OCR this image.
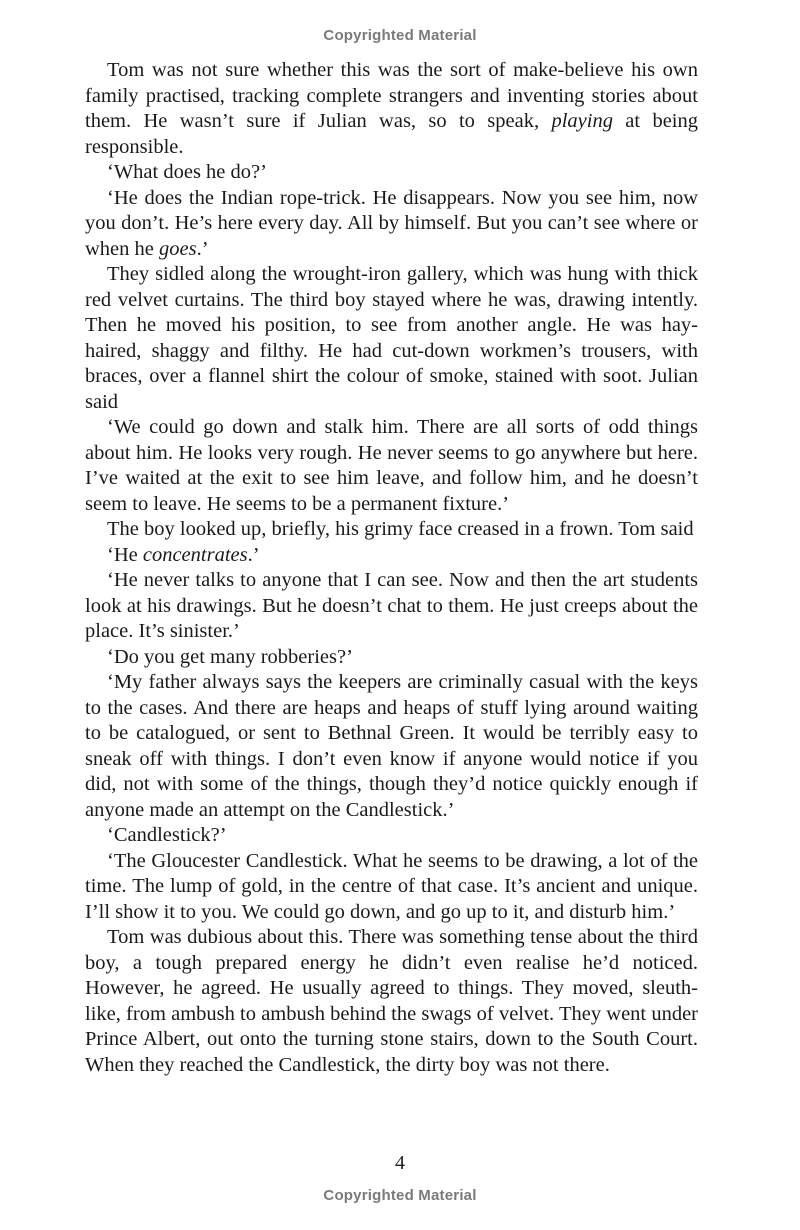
Copyrighted Material

Tom was not sure whether this was the sort of make-believe his own family practised, tracking complete strangers and inventing stories about them. He wasn’t sure if Julian was, so to speak, playing at being responsible.

‘What does he do?’

‘He does the Indian rope-trick. He disappears. Now you see him, now you don’t. He’s here every day. All by himself. But you can’t see where or when he goes.’

They sidled along the wrought-iron gallery, which was hung with thick red velvet curtains. The third boy stayed where he was, drawing intently. Then he moved his position, to see from another angle. He was hay-haired, shaggy and filthy. He had cut-down workmen’s trousers, with braces, over a flannel shirt the colour of smoke, stained with soot. Julian said

‘We could go down and stalk him. There are all sorts of odd things about him. He looks very rough. He never seems to go anywhere but here. I’ve waited at the exit to see him leave, and follow him, and he doesn’t seem to leave. He seems to be a permanent fixture.’

The boy looked up, briefly, his grimy face creased in a frown. Tom said

‘He concentrates.’

‘He never talks to anyone that I can see. Now and then the art students look at his drawings. But he doesn’t chat to them. He just creeps about the place. It’s sinister.’

‘Do you get many robberies?’

‘My father always says the keepers are criminally casual with the keys to the cases. And there are heaps and heaps of stuff lying around waiting to be catalogued, or sent to Bethnal Green. It would be terribly easy to sneak off with things. I don’t even know if anyone would notice if you did, not with some of the things, though they’d notice quickly enough if anyone made an attempt on the Candlestick.’

‘Candlestick?’

‘The Gloucester Candlestick. What he seems to be drawing, a lot of the time. The lump of gold, in the centre of that case. It’s ancient and unique. I’ll show it to you. We could go down, and go up to it, and disturb him.’

Tom was dubious about this. There was something tense about the third boy, a tough prepared energy he didn’t even realise he’d noticed. However, he agreed. He usually agreed to things. They moved, sleuth-like, from ambush to ambush behind the swags of velvet. They went under Prince Albert, out onto the turning stone stairs, down to the South Court. When they reached the Candlestick, the dirty boy was not there.

4
Copyrighted Material
